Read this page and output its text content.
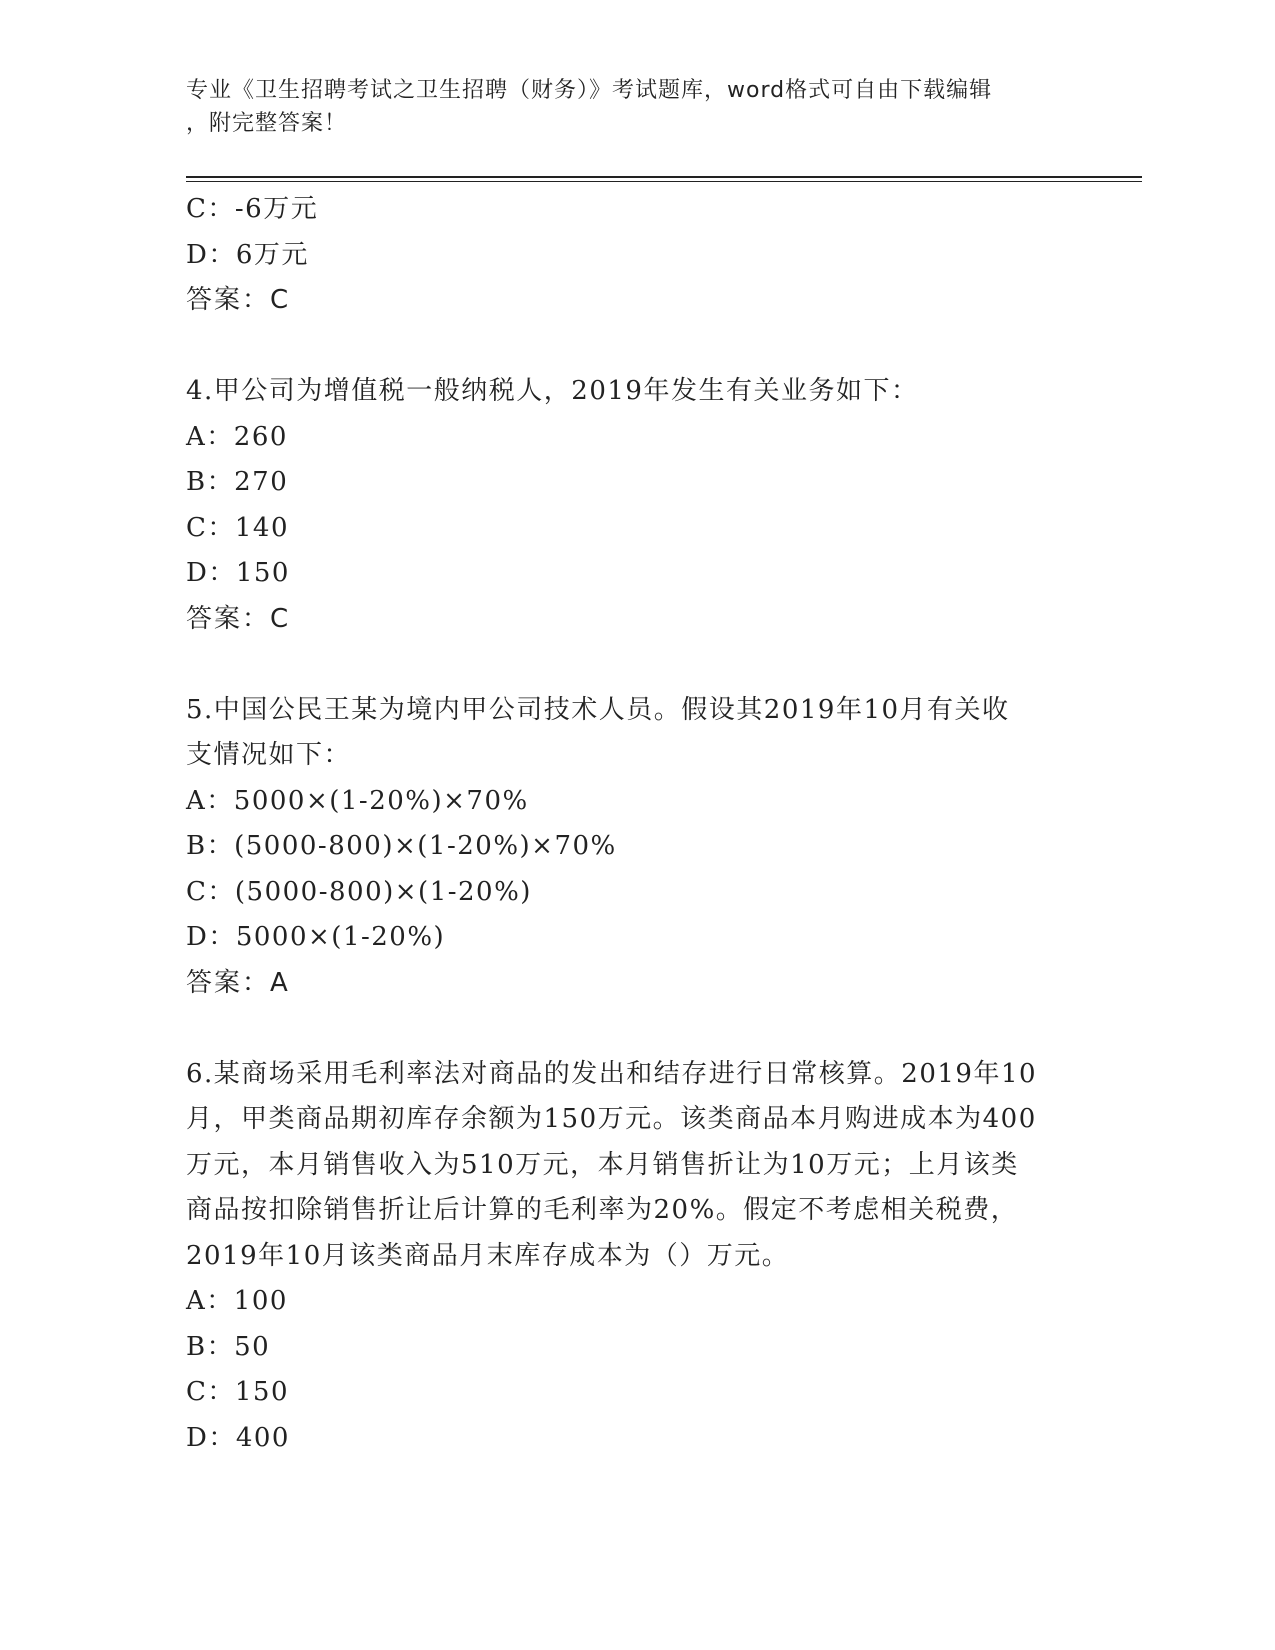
专业《卫生招聘考试之卫生招聘（财务）》考试题库，word格式可自由下载编辑
，附完整答案！
C：-6万元
D：6万元
答案：C
4.甲公司为增值税一般纳税人，2019年发生有关业务如下：
A：260
B：270
C：140
D：150
答案：C
5.中国公民王某为境内甲公司技术人员。假设其2019年10月有关收
支情况如下：
A：5000×(1-20%)×70%
B：(5000-800)×(1-20%)×70%
C：(5000-800)×(1-20%)
D：5000×(1-20%)
答案：A
6.某商场采用毛利率法对商品的发出和结存进行日常核算。2019年10
月，甲类商品期初库存余额为150万元。该类商品本月购进成本为400
万元，本月销售收入为510万元，本月销售折让为10万元；上月该类
商品按扣除销售折让后计算的毛利率为20%。假定不考虑相关税费，
2019年10月该类商品月末库存成本为（）万元。
A：100
B：50
C：150
D：400
